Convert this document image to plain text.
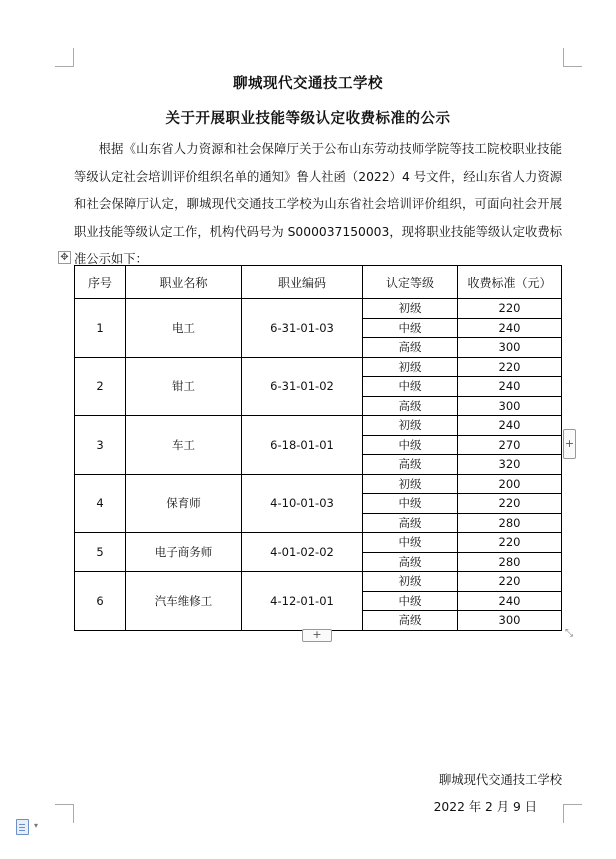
聊城现代交通技工学校
关于开展职业技能等级认定收费标准的公示

根据《山东省人力资源和社会保障厅关于公布山东劳动技师学院等技工院校职业技能等级认定社会培训评价组织名单的通知》鲁人社函（2022）4 号文件，经山东省人力资源和社会保障厅认定，聊城现代交通技工学校为山东省社会培训评价组织，可面向社会开展职业技能等级认定工作，机构代码号为 S000037150003，现将职业技能等级认定收费标准公示如下：

✥
序号	职业名称	职业编码	认定等级	收费标准（元）
1	电工	6-31-01-03	初级	220
			中级	240
			高级	300
2	钳工	6-31-01-02	初级	220
			中级	240
			高级	300
3	车工	6-18-01-01	初级	240
			中级	270
			高级	320
4	保育师	4-10-01-03	初级	200
			中级	220
			高级	280
5	电子商务师	4-01-02-02	中级	220
			高级	280
6	汽车维修工	4-12-01-01	初级	220
			中级	240
			高级	300
+
+
⤡
聊城现代交通技工学校
2022 年 2 月 9 日
▾
